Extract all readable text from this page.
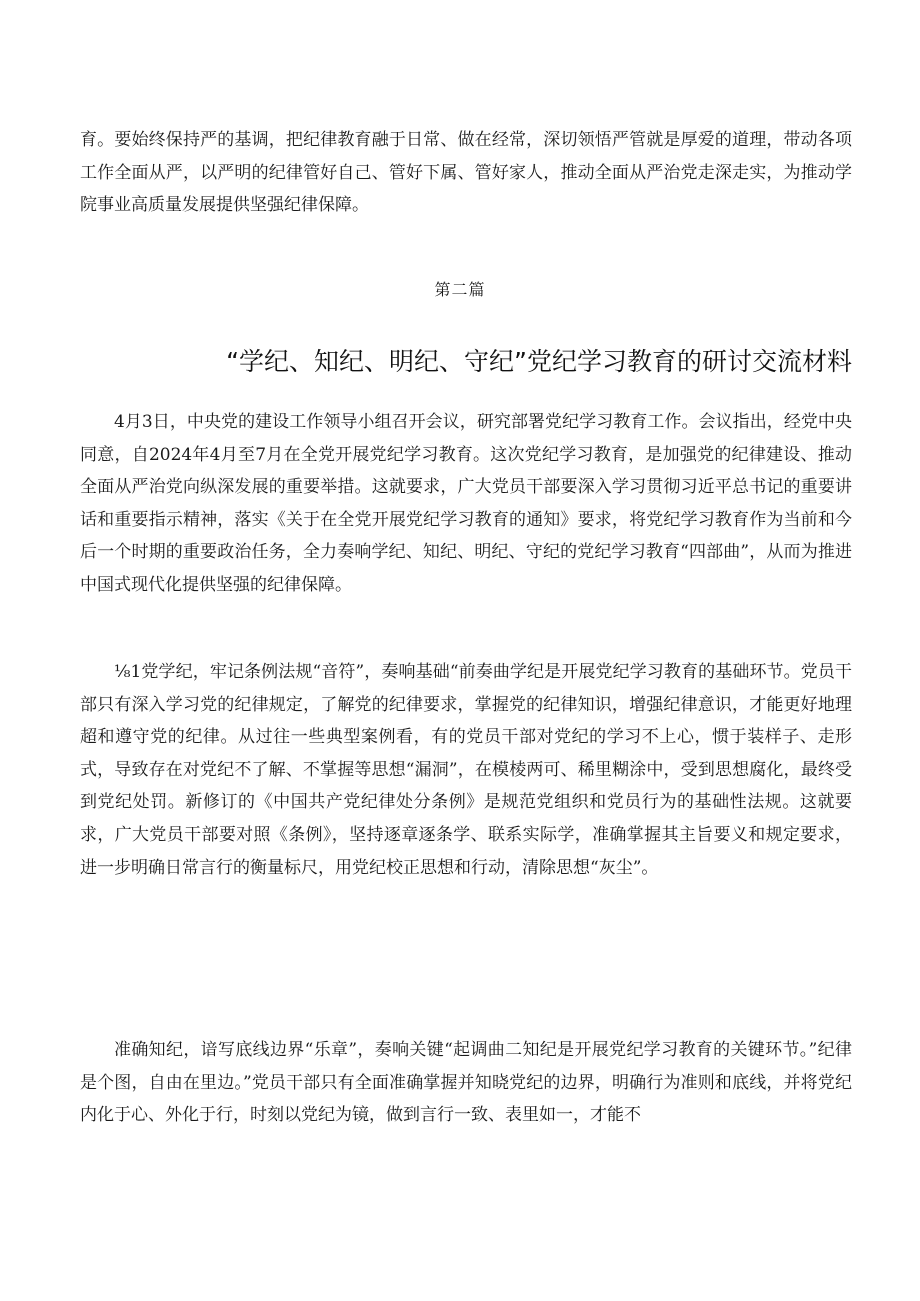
育。要始终保持严的基调，把纪律教育融于日常、做在经常，深切领悟严管就是厚爱的道理，带动各项工作全面从严，以严明的纪律管好自己、管好下属、管好家人，推动全面从严治党走深走实，为推动学院事业高质量发展提供坚强纪律保障。

第二篇
“学纪、知纪、明纪、守纪”党纪学习教育的研讨交流材料

4月3日，中央党的建设工作领导小组召开会议，研究部署党纪学习教育工作。会议指出，经党中央同意，自2024年4月至7月在全党开展党纪学习教育。这次党纪学习教育，是加强党的纪律建设、推动全面从严治党向纵深发展的重要举措。这就要求，广大党员干部要深入学习贯彻习近平总书记的重要讲话和重要指示精神，落实《关于在全党开展党纪学习教育的通知》要求，将党纪学习教育作为当前和今后一个时期的重要政治任务，全力奏响学纪、知纪、明纪、守纪的党纪学习教育“四部曲”，从而为推进中国式现代化提供坚强的纪律保障。

⅛1党学纪，牢记条例法规“音符”，奏响基础“前奏曲学纪是开展党纪学习教育的基础环节。党员干部只有深入学习党的纪律规定，了解党的纪律要求，掌握党的纪律知识，增强纪律意识，才能更好地理超和遵守党的纪律。从过往一些典型案例看，有的党员干部对党纪的学习不上心，惯于装样子、走形式，导致存在对党纪不了解、不掌握等思想“漏洞”，在模棱两可、稀里糊涂中，受到思想腐化，最终受到党纪处罚。新修订的《中国共产党纪律处分条例》是规范党组织和党员行为的基础性法规。这就要求，广大党员干部要对照《条例》，坚持逐章逐条学、联系实际学，准确掌握其主旨要义和规定要求，进一步明确日常言行的衡量标尺，用党纪校正思想和行动，清除思想“灰尘”。

准确知纪，谙写底线边界“乐章”，奏响关键“起调曲二知纪是开展党纪学习教育的关键环节。”纪律是个图，自由在里边。”党员干部只有全面准确掌握并知晓党纪的边界，明确行为准则和底线，并将党纪内化于心、外化于行，时刻以党纪为镜，做到言行一致、表里如一，才能不
